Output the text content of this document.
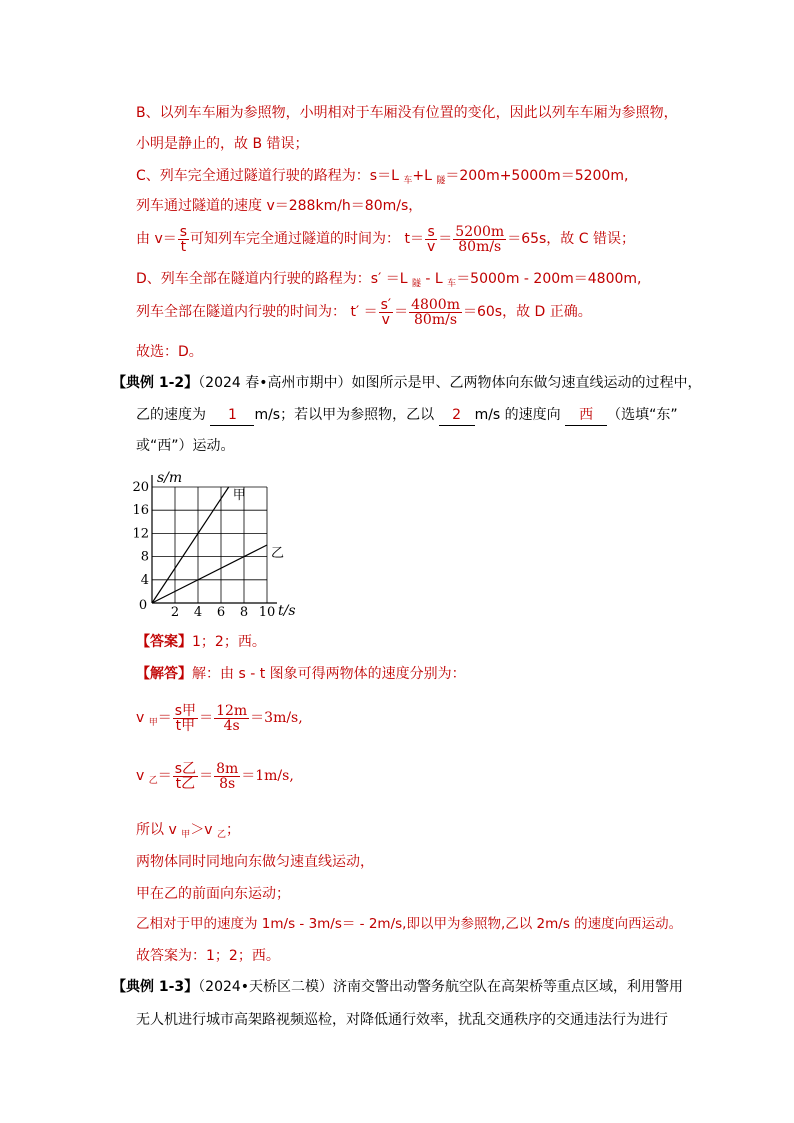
B、以列车车厢为参照物，小明相对于车厢没有位置的变化，因此以列车车厢为参照物，
小明是静止的，故 B 错误；
C、列车完全通过隧道行驶的路程为：s＝L $_车$+L $_隧$＝200m+5000m＝5200m,
列车通过隧道的速度 v＝288km/h＝80m/s，
由 $v= \frac{s}{t}$ 可知列车完全通过隧道的时间为： $t= \frac{s}{v} = \frac{5200m}{80m/s} =65s$，故 C 错误；
D、列车全部在隧道内行驶的路程为：s′ ＝L $_隧$ - L $_车$＝5000m - 200m＝4800m,
列车全部在隧道内行驶的时间为： $t' = \frac{s'}{v} = \frac{4800m}{80m/s} =60s$，故 D 正确。
故选：D。
【典例 1-2】（2024 春•高州市期中）如图所示是甲、乙两物体向东做匀速直线运动的过程中，
乙的速度为 1 m/s；若以甲为参照物，乙以 2 m/s 的速度向 西 （选填“东”
或“西”）运动。
2 4 6 8 10
4
8
12
16
20
0	t/s
s/m
甲
乙
【答案】1；2；西。
【解答】解：由 s - t 图象可得两物体的速度分别为：
v $_甲= \frac{\text{s甲}}{\text{t甲}} = \frac{12m}{4s} =3m/s$,
v $_乙= \frac{\text{s乙}}{\text{t乙}} = \frac{8m}{8s} =1m/s$,
所以 v $_甲$＞v $_乙$；
两物体同时同地向东做匀速直线运动，
甲在乙的前面向东运动；
乙相对于甲的速度为 1m/s - 3m/s＝ - 2m/s,即以甲为参照物,乙以 2m/s 的速度向西运动。
故答案为：1；2；西。
【典例 1-3】（2024•天桥区二模）济南交警出动警务航空队在高架桥等重点区域，利用警用
无人机进行城市高架路视频巡检，对降低通行效率，扰乱交通秩序的交通违法行为进行
